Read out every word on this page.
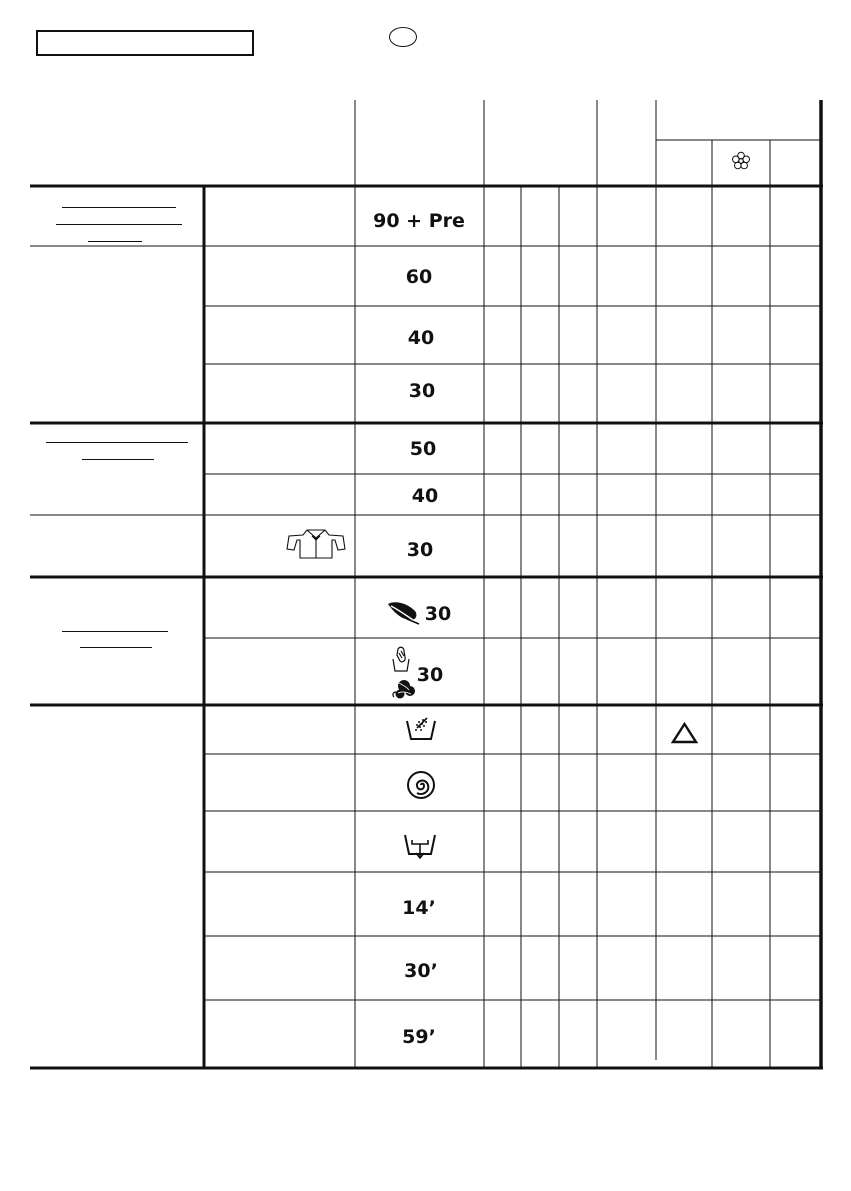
90 + Pre
60
40
30
50
40
30
30
30
14’
30’
59’
